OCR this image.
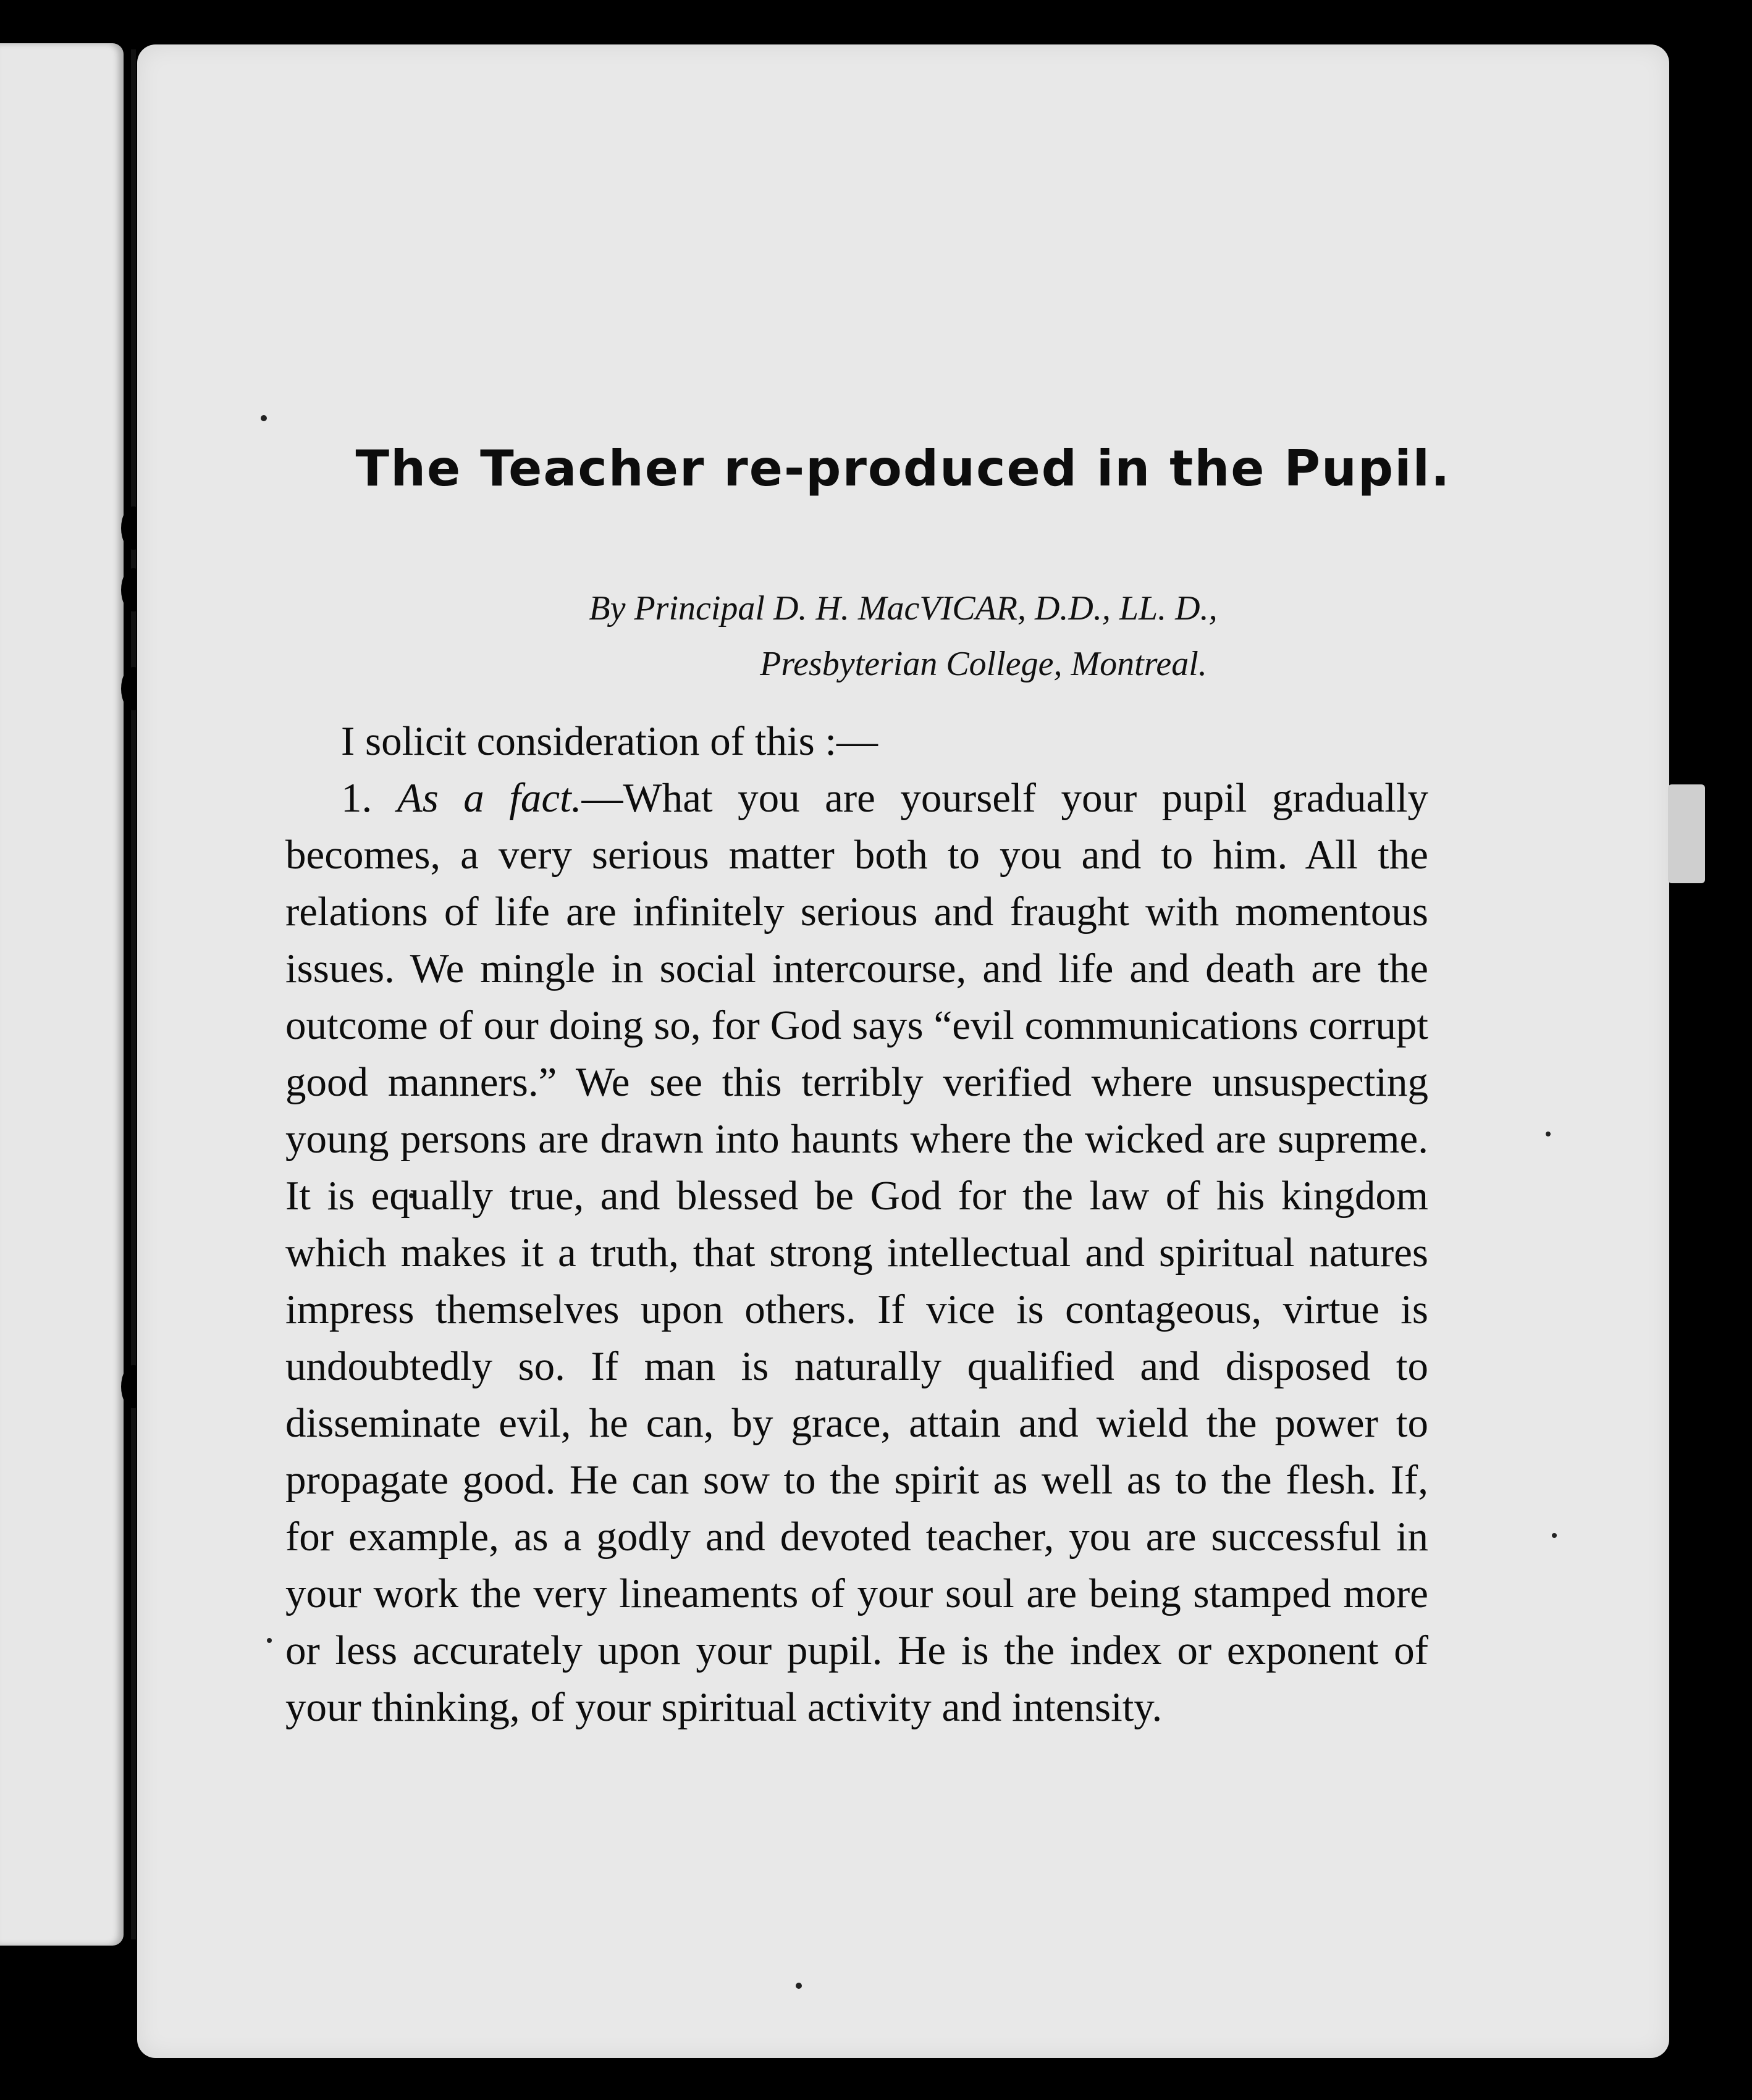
The Teacher re-produced in the Pupil.
By Principal D. H. MacVICAR, D.D., LL. D.,
Presbyterian College, Montreal.

I solicit consideration of this :—

1. As a fact.—What you are yourself your pupil gradually becomes, a very serious matter both to you and to him. All the relations of life are infinitely serious and fraught with momentous issues. We mingle in social intercourse, and life and death are the outcome of our doing so, for God says “evil communications corrupt good manners.” We see this terribly verified where unsuspecting young persons are drawn into haunts where the wicked are supreme. It is equally true, and blessed be God for the law of his kingdom which makes it a truth, that strong intellectual and spiritual natures impress themselves upon others. If vice is contageous, virtue is undoubtedly so. If man is naturally qualified and disposed to disseminate evil, he can, by grace, attain and wield the power to propagate good. He can sow to the spirit as well as to the flesh. If, for example, as a godly and devoted teacher, you are successful in your work the very lineaments of your soul are being stamped more or less accurately upon your pupil. He is the index or exponent of your thinking, of your spiritual activity and intensity.
